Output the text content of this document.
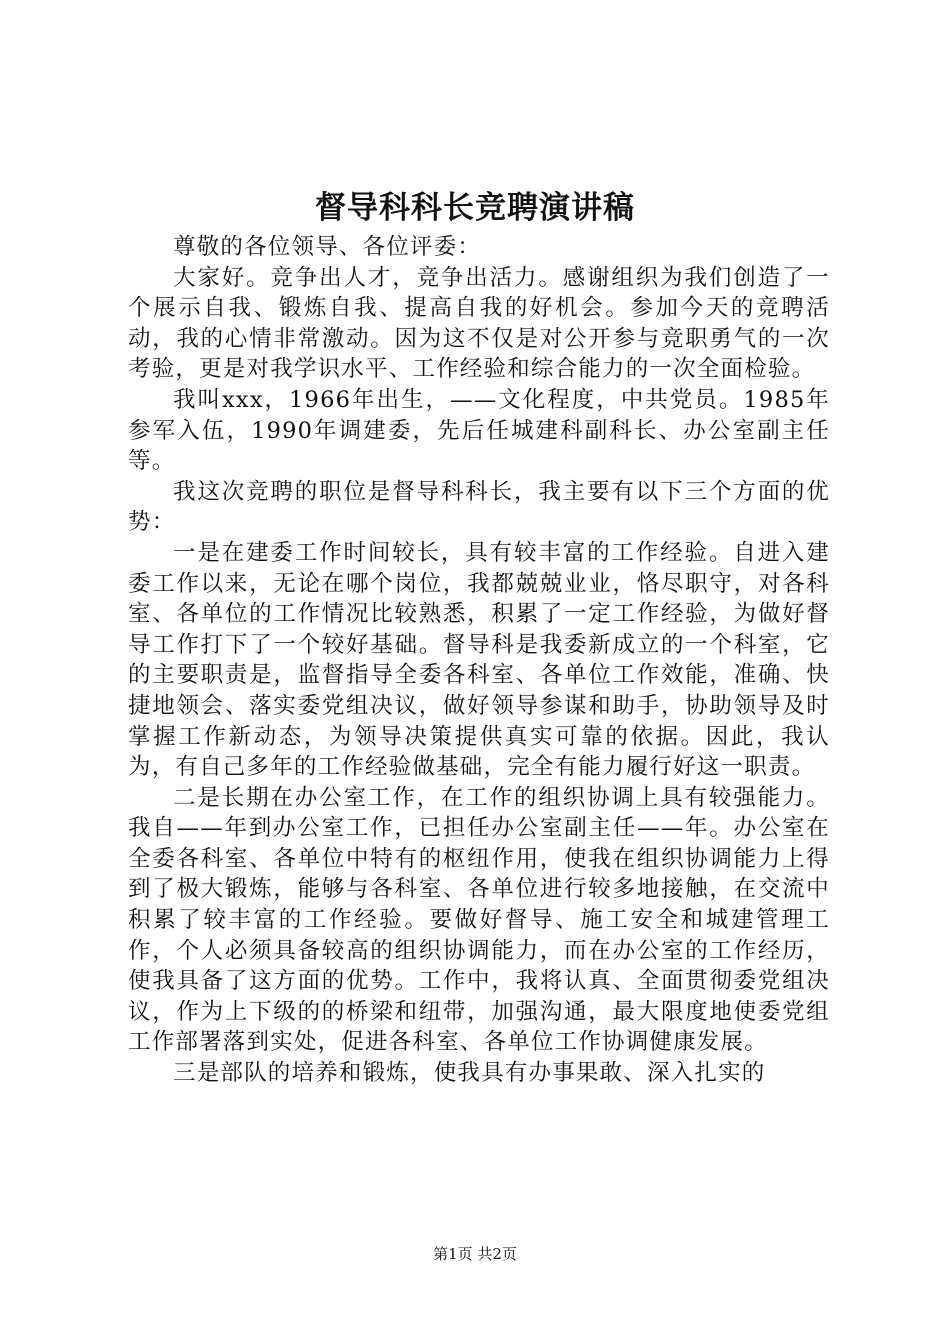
督导科科长竞聘演讲稿

尊敬的各位领导、各位评委：

大家好。竞争出人才，竞争出活力。感谢组织为我们创造了一个展示自我、锻炼自我、提高自我的好机会。参加今天的竞聘活动，我的心情非常激动。因为这不仅是对公开参与竞职勇气的一次考验，更是对我学识水平、工作经验和综合能力的一次全面检验。

我叫xxx，1966年出生，——文化程度，中共党员。1985年参军入伍，1990年调建委，先后任城建科副科长、办公室副主任等。

我这次竞聘的职位是督导科科长，我主要有以下三个方面的优势：

一是在建委工作时间较长，具有较丰富的工作经验。自进入建委工作以来，无论在哪个岗位，我都兢兢业业，恪尽职守，对各科室、各单位的工作情况比较熟悉，积累了一定工作经验，为做好督导工作打下了一个较好基础。督导科是我委新成立的一个科室，它的主要职责是，监督指导全委各科室、各单位工作效能，准确、快捷地领会、落实委党组决议，做好领导参谋和助手，协助领导及时掌握工作新动态，为领导决策提供真实可靠的依据。因此，我认为，有自己多年的工作经验做基础，完全有能力履行好这一职责。

二是长期在办公室工作，在工作的组织协调上具有较强能力。我自——年到办公室工作，已担任办公室副主任——年。办公室在全委各科室、各单位中特有的枢纽作用，使我在组织协调能力上得到了极大锻炼，能够与各科室、各单位进行较多地接触，在交流中积累了较丰富的工作经验。要做好督导、施工安全和城建管理工作，个人必须具备较高的组织协调能力，而在办公室的工作经历，使我具备了这方面的优势。工作中，我将认真、全面贯彻委党组决议，作为上下级的的桥梁和纽带，加强沟通，最大限度地使委党组工作部署落到实处，促进各科室、各单位工作协调健康发展。

三是部队的培养和锻炼，使我具有办事果敢、深入扎实的

第1页 共2页
